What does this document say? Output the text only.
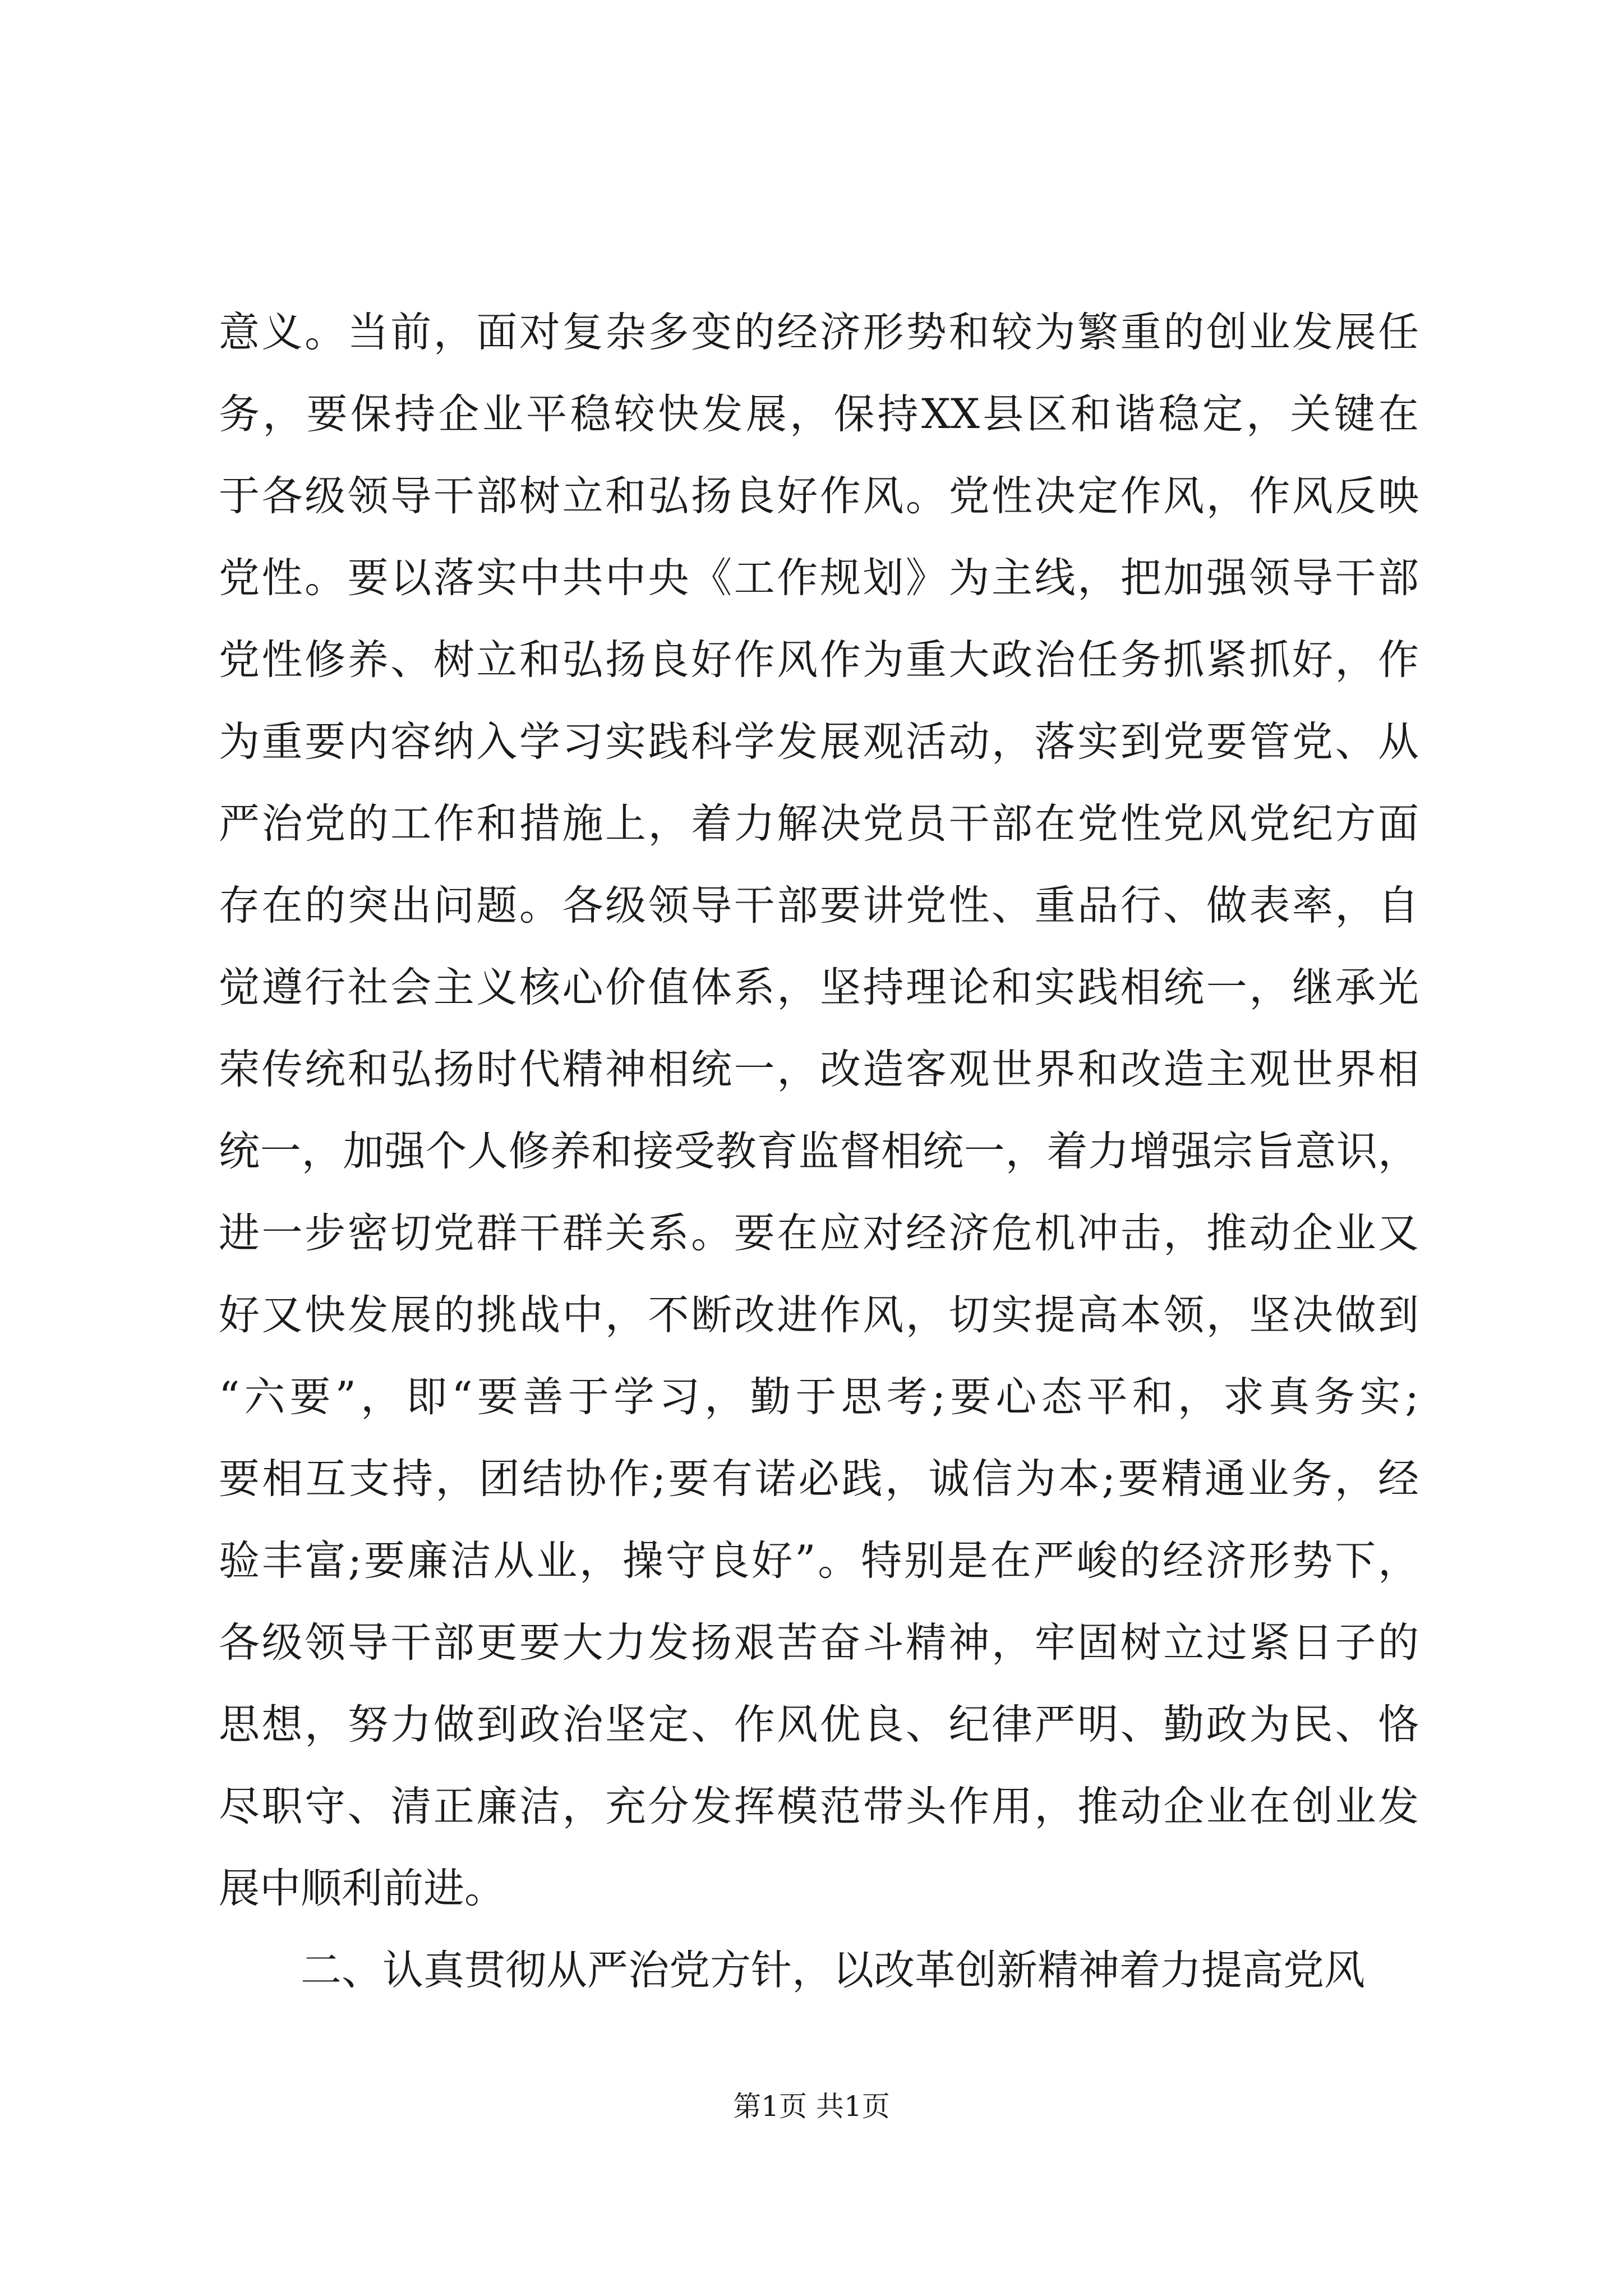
意义。当前，面对复杂多变的经济形势和较为繁重的创业发展任
务，要保持企业平稳较快发展，保持XX县区和谐稳定，关键在
于各级领导干部树立和弘扬良好作风。党性决定作风，作风反映
党性。要以落实中共中央《工作规划》为主线，把加强领导干部
党性修养、树立和弘扬良好作风作为重大政治任务抓紧抓好，作
为重要内容纳入学习实践科学发展观活动，落实到党要管党、从
严治党的工作和措施上，着力解决党员干部在党性党风党纪方面
存在的突出问题。各级领导干部要讲党性、重品行、做表率，自
觉遵行社会主义核心价值体系，坚持理论和实践相统一，继承光
荣传统和弘扬时代精神相统一，改造客观世界和改造主观世界相
统一，加强个人修养和接受教育监督相统一，着力增强宗旨意识，
进一步密切党群干群关系。要在应对经济危机冲击，推动企业又
好又快发展的挑战中，不断改进作风，切实提高本领，坚决做到
“六要”，即“要善于学习，勤于思考;要心态平和，求真务实;
要相互支持，团结协作;要有诺必践，诚信为本;要精通业务，经
验丰富;要廉洁从业，操守良好”。特别是在严峻的经济形势下，
各级领导干部更要大力发扬艰苦奋斗精神，牢固树立过紧日子的
思想，努力做到政治坚定、作风优良、纪律严明、勤政为民、恪
尽职守、清正廉洁，充分发挥模范带头作用，推动企业在创业发
展中顺利前进。
二、认真贯彻从严治党方针，以改革创新精神着力提高党风
第1页 共1页
